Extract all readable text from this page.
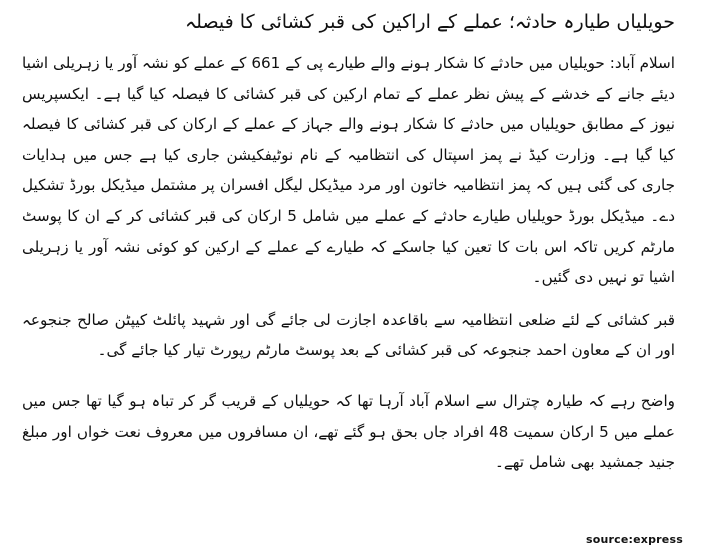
حویلیاں طیارہ حادثہ؛ عملے کے اراکین کی قبر کشائی کا فیصلہ

اسلام آباد: حویلیاں میں حادثے کا شکار ہونے والے طیارے پی کے 661 کے عملے کو نشہ آور یا زہریلی اشیا دیئے جانے کے خدشے کے پیش نظر عملے کے تمام ارکین کی قبر کشائی کا فیصلہ کیا گیا ہے۔ ایکسپریس نیوز کے مطابق حویلیاں میں حادثے کا شکار ہونے والے جہاز کے عملے کے ارکان کی قبر کشائی کا فیصلہ کیا گیا ہے۔ وزارت کیڈ نے پمز اسپتال کی انتظامیہ کے نام نوٹیفکیشن جاری کیا ہے جس میں ہدایات جاری کی گئی ہیں کہ پمز انتظامیہ خاتون اور مرد میڈیکل لیگل افسران پر مشتمل میڈیکل بورڈ تشکیل دے۔ میڈیکل بورڈ حویلیاں طیارے حادثے کے عملے میں شامل 5 ارکان کی قبر کشائی کر کے ان کا پوسٹ مارٹم کریں تاکہ اس بات کا تعین کیا جاسکے کہ طیارے کے عملے کے ارکین کو کوئی نشہ آور یا زہریلی اشیا تو نہیں دی گئیں۔

قبر کشائی کے لئے ضلعی انتظامیہ سے باقاعدہ اجازت لی جائے گی اور شہید پائلٹ کیپٹن صالح جنجوعہ اور ان کے معاون احمد جنجوعہ کی قبر کشائی کے بعد پوسٹ مارٹم رپورٹ تیار کیا جائے گی۔

واضح رہے کہ طیارہ چترال سے اسلام آباد آرہا تھا کہ حویلیاں کے قریب گر کر تباہ ہو گیا تھا جس میں عملے میں 5 ارکان سمیت 48 افراد جاں بحق ہو گئے تھے، ان مسافروں میں معروف نعت خواں اور مبلغ جنید جمشید بھی شامل تھے۔

source:express
